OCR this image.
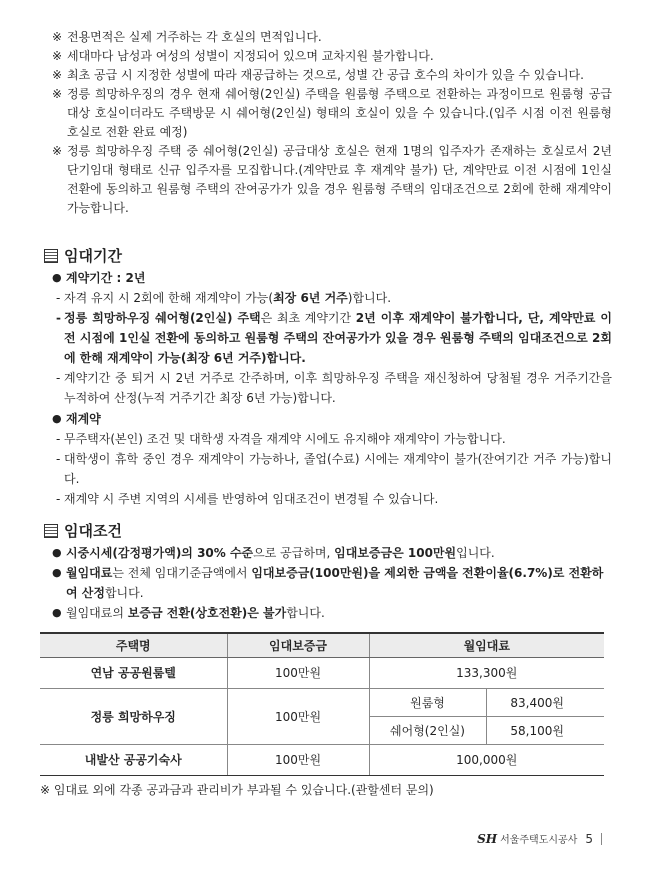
※ 전용면적은 실제 거주하는 각 호실의 면적입니다.
※ 세대마다 남성과 여성의 성별이 지정되어 있으며 교차지원 불가합니다.
※ 최초 공급 시 지정한 성별에 따라 재공급하는 것으로, 성별 간 공급 호수의 차이가 있을 수 있습니다.
※ 정릉 희망하우징의 경우 현재 쉐어형(2인실) 주택을 원룸형 주택으로 전환하는 과정이므로 원룸형 공급대상 호실이더라도 주택방문 시 쉐어형(2인실) 형태의 호실이 있을 수 있습니다.(입주 시점 이전 원룸형 호실로 전환 완료 예정)
※ 정릉 희망하우징 주택 중 쉐어형(2인실) 공급대상 호실은 현재 1명의 입주자가 존재하는 호실로서 2년 단기임대 형태로 신규 입주자를 모집합니다.(계약만료 후 재계약 불가) 단, 계약만료 이전 시점에 1인실 전환에 동의하고 원룸형 주택의 잔여공가가 있을 경우 원룸형 주택의 임대조건으로 2회에 한해 재계약이 가능합니다.
임대기간
● 계약기간 : 2년
- 자격 유지 시 2회에 한해 재계약이 가능(최장 6년 거주)합니다.
- 정릉 희망하우징 쉐어형(2인실) 주택은 최초 계약기간 2년 이후 재계약이 불가합니다, 단, 계약만료 이전 시점에 1인실 전환에 동의하고 원룸형 주택의 잔여공가가 있을 경우 원룸형 주택의 임대조건으로 2회에 한해 재계약이 가능(최장 6년 거주)합니다.
- 계약기간 중 퇴거 시 2년 거주로 간주하며, 이후 희망하우징 주택을 재신청하여 당첨될 경우 거주기간을 누적하여 산정(누적 거주기간 최장 6년 가능)합니다.
● 재계약
- 무주택자(본인) 조건 및 대학생 자격을 재계약 시에도 유지해야 재계약이 가능합니다.
- 대학생이 휴학 중인 경우 재계약이 가능하나, 졸업(수료) 시에는 재계약이 불가(잔여기간 거주 가능)합니다.
- 재계약 시 주변 지역의 시세를 반영하여 임대조건이 변경될 수 있습니다.
임대조건
● 시중시세(감정평가액)의 30% 수준으로 공급하며, 임대보증금은 100만원입니다.
● 월임대료는 전체 임대기준금액에서 임대보증금(100만원)을 제외한 금액을 전환이율(6.7%)로 전환하여 산정합니다.
● 월임대료의 보증금 전환(상호전환)은 불가합니다.
주택명	임대보증금	월임대료	
연남 공공원룸텔	100만원	133,300원	
정릉 희망하우징	100만원	원룸형	83,400원
		쉐어형(2인실)	58,100원
내발산 공공기숙사	100만원	100,000원	
※ 임대료 외에 각종 공과금과 관리비가 부과될 수 있습니다.(관할센터 문의)
SH 서울주택도시공사 5
